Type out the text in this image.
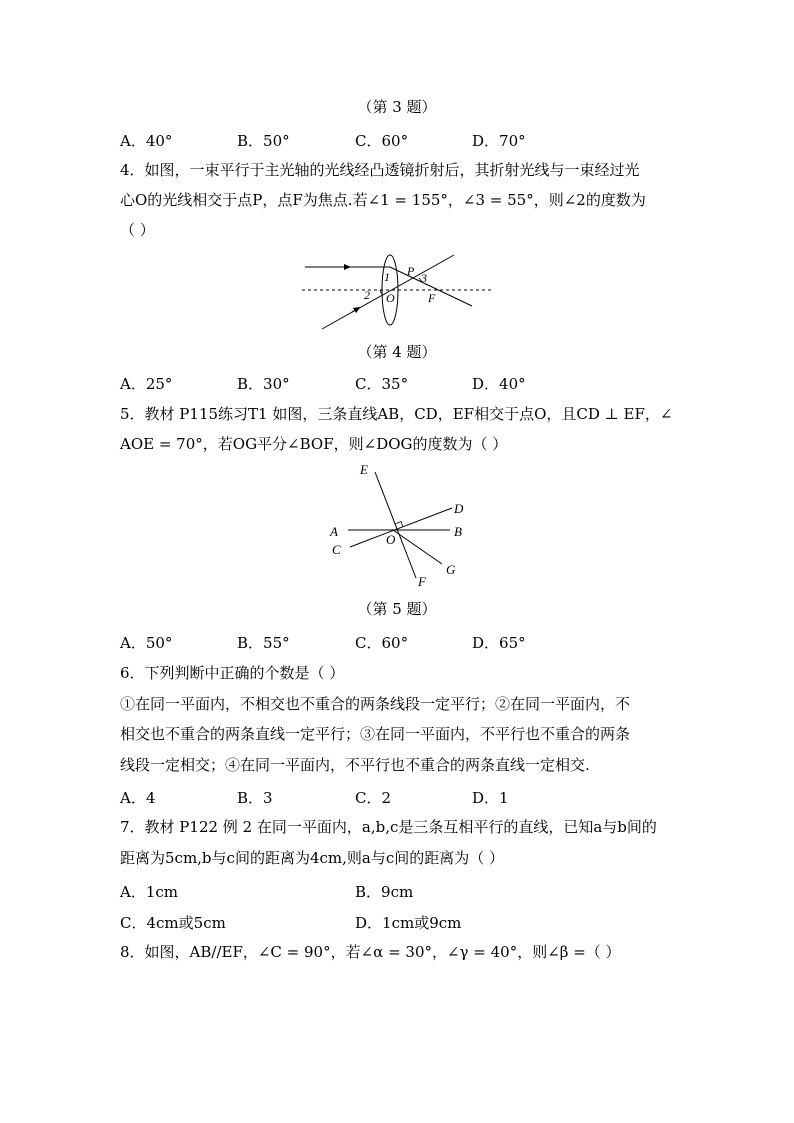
（第 3 题）
A．40°	B．50°	C．60°	D．70°
4．如图，一束平行于主光轴的光线经凸透镜折射后，其折射光线与一束经过光
心O的光线相交于点P，点F为焦点.若∠1 = 155°，∠3 = 55°，则∠2的度数为
（ ）
1 P 3
2 O	F
（第 4 题）
A．25°	B．30°	C．35°	D．40°
5．教材 P115练习T1 如图，三条直线AB，CD，EF相交于点O，且CD ⊥ EF，∠
AOE = 70°，若OG平分∠BOF，则∠DOG的度数为（ ）
E
D
A	B
C
O
G
F
（第 5 题）
A．50°	B．55°	C．60°	D．65°
6．下列判断中正确的个数是（ ）
①在同一平面内，不相交也不重合的两条线段一定平行；②在同一平面内，不
相交也不重合的两条直线一定平行；③在同一平面内，不平行也不重合的两条
线段一定相交；④在同一平面内，不平行也不重合的两条直线一定相交.
A．4	B．3	C．2	D．1
7．教材 P122 例 2 在同一平面内，a,b,c是三条互相平行的直线，已知a与b间的
距离为5cm,b与c间的距离为4cm,则a与c间的距离为（ ）
A．1cm	B．9cm
C．4cm或5cm	D．1cm或9cm
8．如图，AB//EF，∠C = 90°，若∠α = 30°，∠γ = 40°，则∠β =（ ）
